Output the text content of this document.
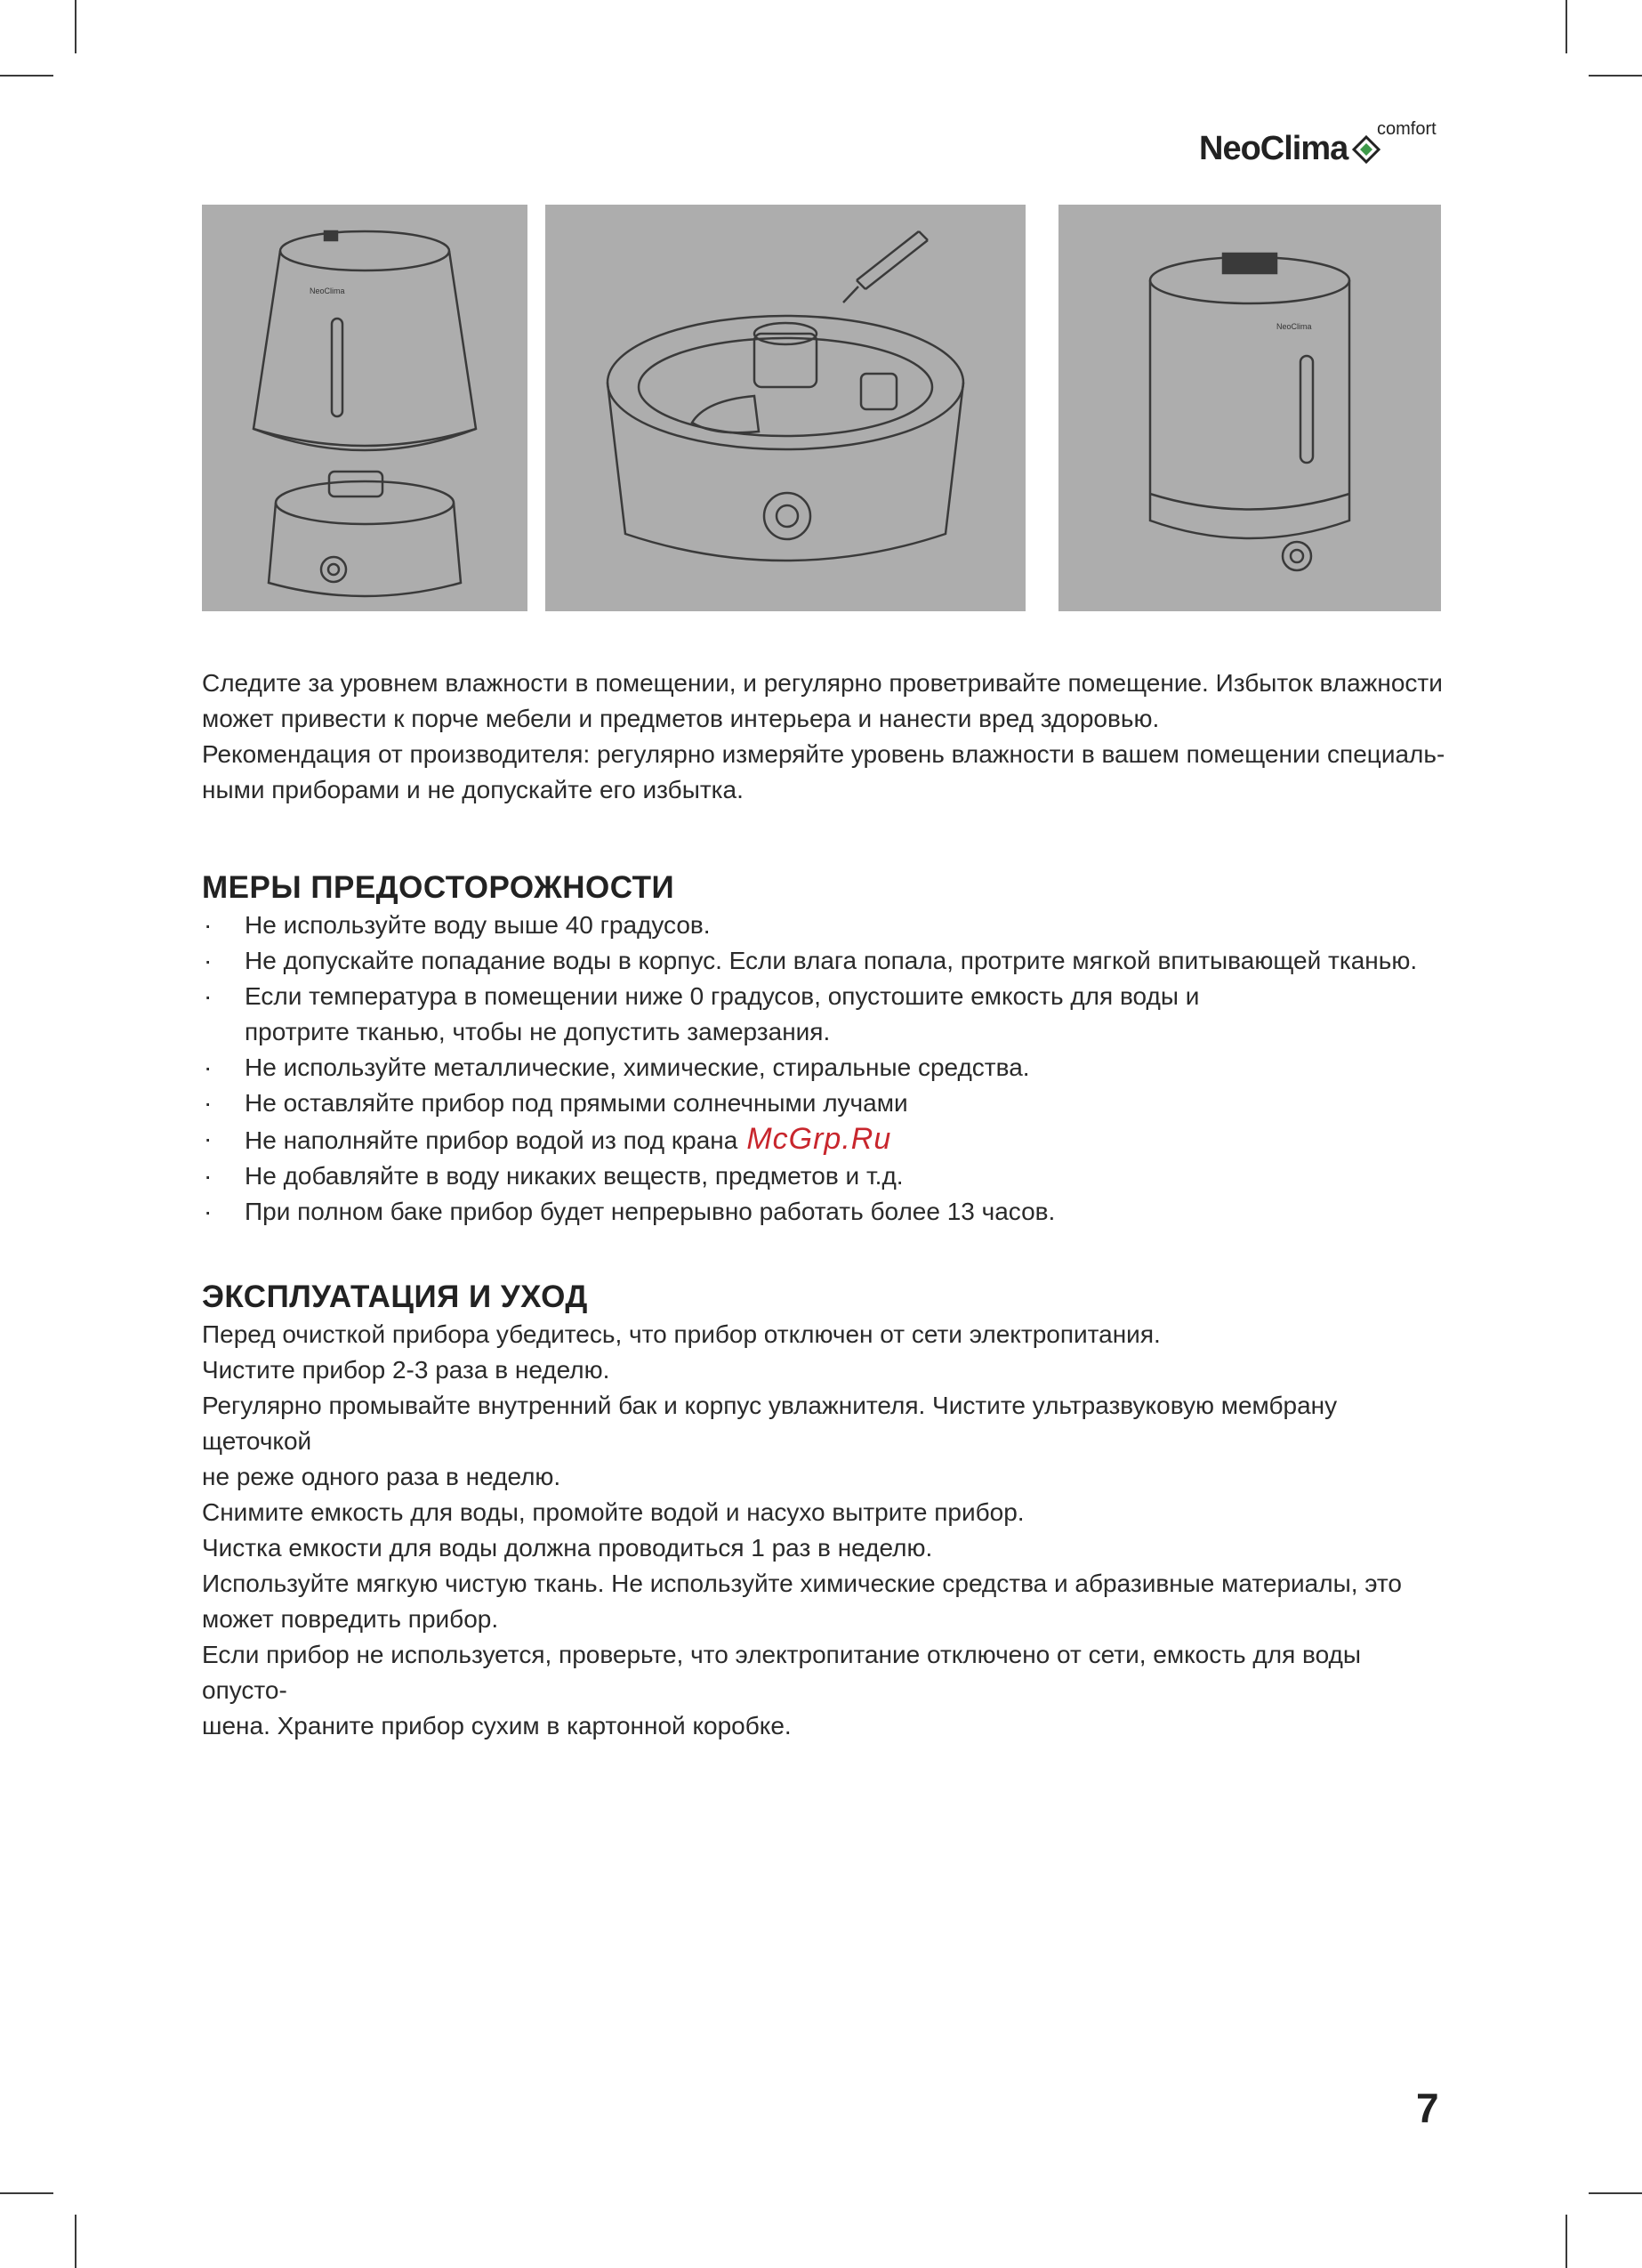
NeoClima
comfort
NeoClima
NeoClima

Следите за уровнем влажности в помещении, и регулярно проветривайте помещение. Избыток влажности

может привести к порче мебели и предметов интерьера и нанести вред здоровью.

Рекомендация от производителя: регулярно измеряйте уровень влажности в вашем помещении специаль-

ными приборами и не допускайте его избытка.

МЕРЫ ПРЕДОСТОРОЖНОСТИ
· Не используйте воду выше 40 градусов.
· Не допускайте попадание воды в корпус. Если влага попала, протрите мягкой впитывающей тканью.
· Если температура в помещении ниже 0 градусов, опустошите емкость для воды и протрите тканью, чтобы не допустить замерзания.
· Не используйте металлические, химические, стиральные средства.
· Не оставляйте прибор под прямыми солнечными лучами
· Не наполняйте прибор водой из под крана McGrp.Ru
· Не добавляйте в воду никаких веществ, предметов и т.д.
· При полном баке прибор будет непрерывно работать более 13 часов.
ЭКСПЛУАТАЦИЯ И УХОД

Перед очисткой прибора убедитесь, что прибор отключен от сети электропитания.

Чистите прибор 2-3 раза в неделю.

Регулярно промывайте внутренний бак и корпус увлажнителя. Чистите ультразвуковую мембрану щеточкой

не реже одного раза в неделю.

Снимите емкость для воды, промойте водой и насухо вытрите прибор.

Чистка емкости для воды должна проводиться 1 раз в неделю.

Используйте мягкую чистую ткань. Не используйте химические средства и абразивные материалы, это

может повредить прибор.

Если прибор не используется, проверьте, что электропитание отключено от сети, емкость для воды опусто-

шена. Храните прибор сухим в картонной коробке.

7
